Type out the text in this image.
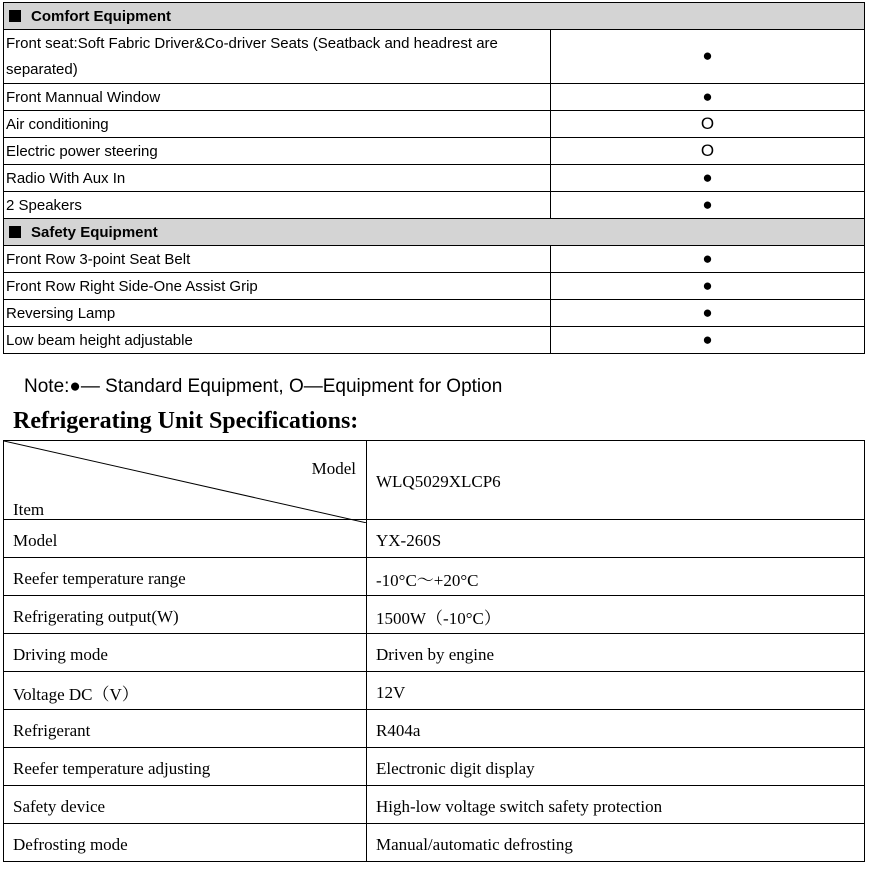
Comfort Equipment	
Front seat:Soft Fabric Driver&Co-driver Seats (Seatback and headrest are separated)	●
Front Mannual Window	●
Air conditioning	O
Electric power steering	O
Radio With Aux In	●
2 Speakers	●
Safety Equipment	
Front Row 3-point Seat Belt	●
Front Row Right Side-One Assist Grip	●
Reversing Lamp	●
Low beam height adjustable	●
Note:●— Standard Equipment, O—Equipment for Option
Refrigerating Unit Specifications:
Model
Item	WLQ5029XLCP6
Model	YX-260S
Reefer temperature range	-10°C～+20°C
Refrigerating output(W)	1500W（-10°C）
Driving mode	Driven by engine
Voltage DC（V）	12V
Refrigerant	R404a
Reefer temperature adjusting	Electronic digit display
Safety device	High-low voltage switch safety protection
Defrosting mode	Manual/automatic defrosting
